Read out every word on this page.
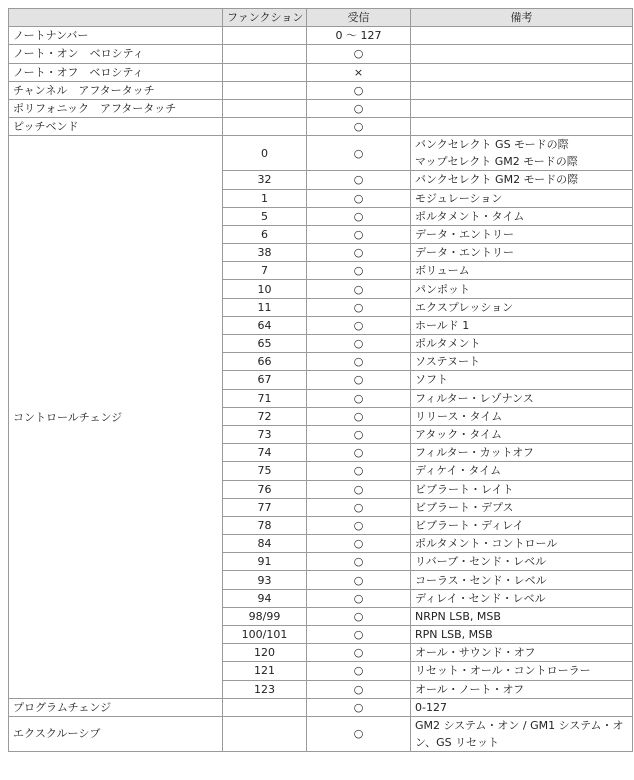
	ファンクション	受信	備考
ノートナンバー		0 〜 127	
ノート・オン　ベロシティ		○	
ノート・オフ　ベロシティ		×	
チャンネル　アフタータッチ		○	
ポリフォニック　アフタータッチ		○	
ピッチベンド		○	
コントロールチェンジ	0	○	バンクセレクト GS モードの際
マップセレクト GM2 モードの際

	32	○	バンクセレクト GM2 モードの際

	1	○	モジュレーション

	5	○	ポルタメント・タイム

	6	○	データ・エントリー

	38	○	データ・エントリー

	7	○	ボリューム

	10	○	パンポット

	11	○	エクスプレッション

	64	○	ホールド 1

	65	○	ポルタメント

	66	○	ソステヌート

	67	○	ソフト

	71	○	フィルター・レゾナンス

	72	○	リリース・タイム

	73	○	アタック・タイム

	74	○	フィルター・カットオフ

	75	○	ディケイ・タイム

	76	○	ビブラート・レイト

	77	○	ビブラート・デプス

	78	○	ビブラート・ディレイ

	84	○	ポルタメント・コントロール

	91	○	リバーブ・センド・レベル

	93	○	コーラス・センド・レベル

	94	○	ディレイ・センド・レベル

	98/99	○	NRPN LSB, MSB

	100/101	○	RPN LSB, MSB

	120	○	オール・サウンド・オフ

	121	○	リセット・オール・コントローラー

	123	○	オール・ノート・オフ

プログラムチェンジ		○	0-127
エクスクルーシブ		○	GM2 システム・オン / GM1 システム・オン、GS リセット
